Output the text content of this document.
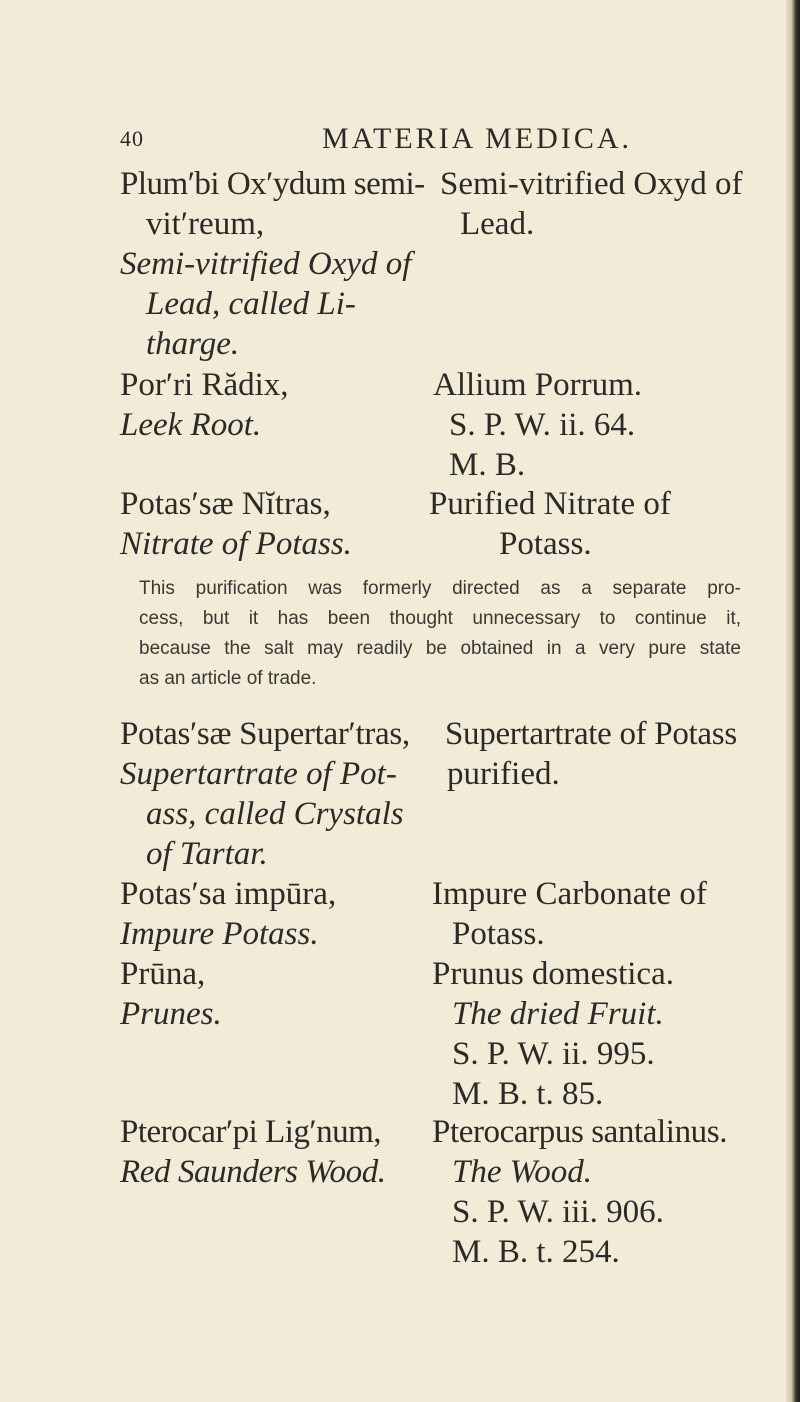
40	MATERIA MEDICA.
Plum′bi Ox′ydum semi-
vit′reum,
Semi-vitrified Oxyd of
Lead, called Li-
tharge.
Semi-vitrified Oxyd of
Lead.
Por′ri Rădix,
Leek Root.
Allium Porrum.
S. P. W. ii. 64.
M. B.
Potas′sæ Nĭtras,
Nitrate of Potass.
Purified Nitrate of
Potass.
This purification was formerly directed as a separate pro-
cess, but it has been thought unnecessary to continue it,
because the salt may readily be obtained in a very pure state
as an article of trade.
Potas′sæ Supertar′tras,
Supertartrate of Pot-
ass, called Crystals
of Tartar.
Supertartrate of Potass
purified.
Potas′sa impūra,
Impure Potass.
Impure Carbonate of
Potass.
Prūna,
Prunes.
Prunus domestica.
The dried Fruit.
S. P. W. ii. 995.
M. B. t. 85.
Pterocar′pi Lig′num,
Red Saunders Wood.
Pterocarpus santalinus.
The Wood.
S. P. W. iii. 906.
M. B. t. 254.
